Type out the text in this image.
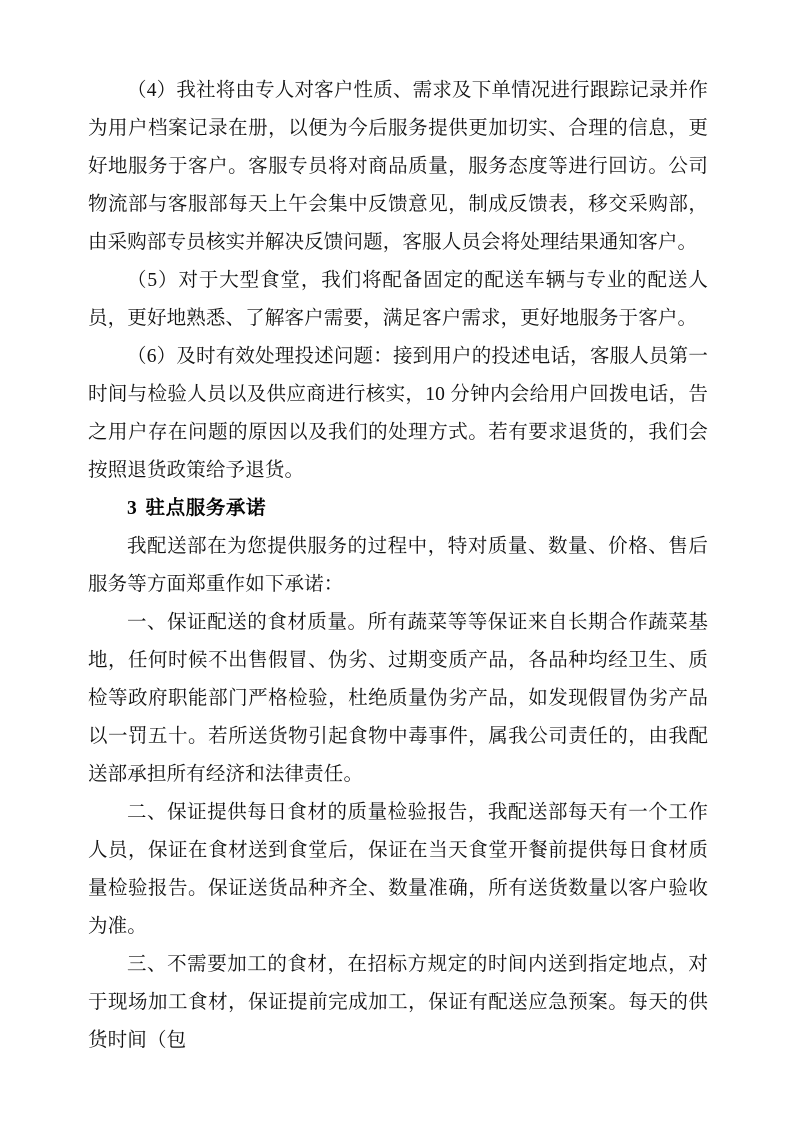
（4）我社将由专人对客户性质、需求及下单情况进行跟踪记录并作为用户档案记录在册，以便为今后服务提供更加切实、合理的信息，更好地服务于客户。客服专员将对商品质量，服务态度等进行回访。公司物流部与客服部每天上午会集中反馈意见，制成反馈表，移交采购部，由采购部专员核实并解决反馈问题，客服人员会将处理结果通知客户。

（5）对于大型食堂，我们将配备固定的配送车辆与专业的配送人员，更好地熟悉、了解客户需要，满足客户需求，更好地服务于客户。

（6）及时有效处理投述问题：接到用户的投述电话，客服人员第一时间与检验人员以及供应商进行核实，10 分钟内会给用户回拨电话，告之用户存在问题的原因以及我们的处理方式。若有要求退货的，我们会按照退货政策给予退货。

3 驻点服务承诺

我配送部在为您提供服务的过程中，特对质量、数量、价格、售后服务等方面郑重作如下承诺：

一、保证配送的食材质量。所有蔬菜等等保证来自长期合作蔬菜基地，任何时候不出售假冒、伪劣、过期变质产品，各品种均经卫生、质检等政府职能部门严格检验，杜绝质量伪劣产品，如发现假冒伪劣产品以一罚五十。若所送货物引起食物中毒事件，属我公司责任的，由我配送部承担所有经济和法律责任。

二、保证提供每日食材的质量检验报告，我配送部每天有一个工作人员，保证在食材送到食堂后，保证在当天食堂开餐前提供每日食材质量检验报告。保证送货品种齐全、数量准确，所有送货数量以客户验收为准。

三、不需要加工的食材，在招标方规定的时间内送到指定地点，对于现场加工食材，保证提前完成加工，保证有配送应急预案。每天的供货时间（包
